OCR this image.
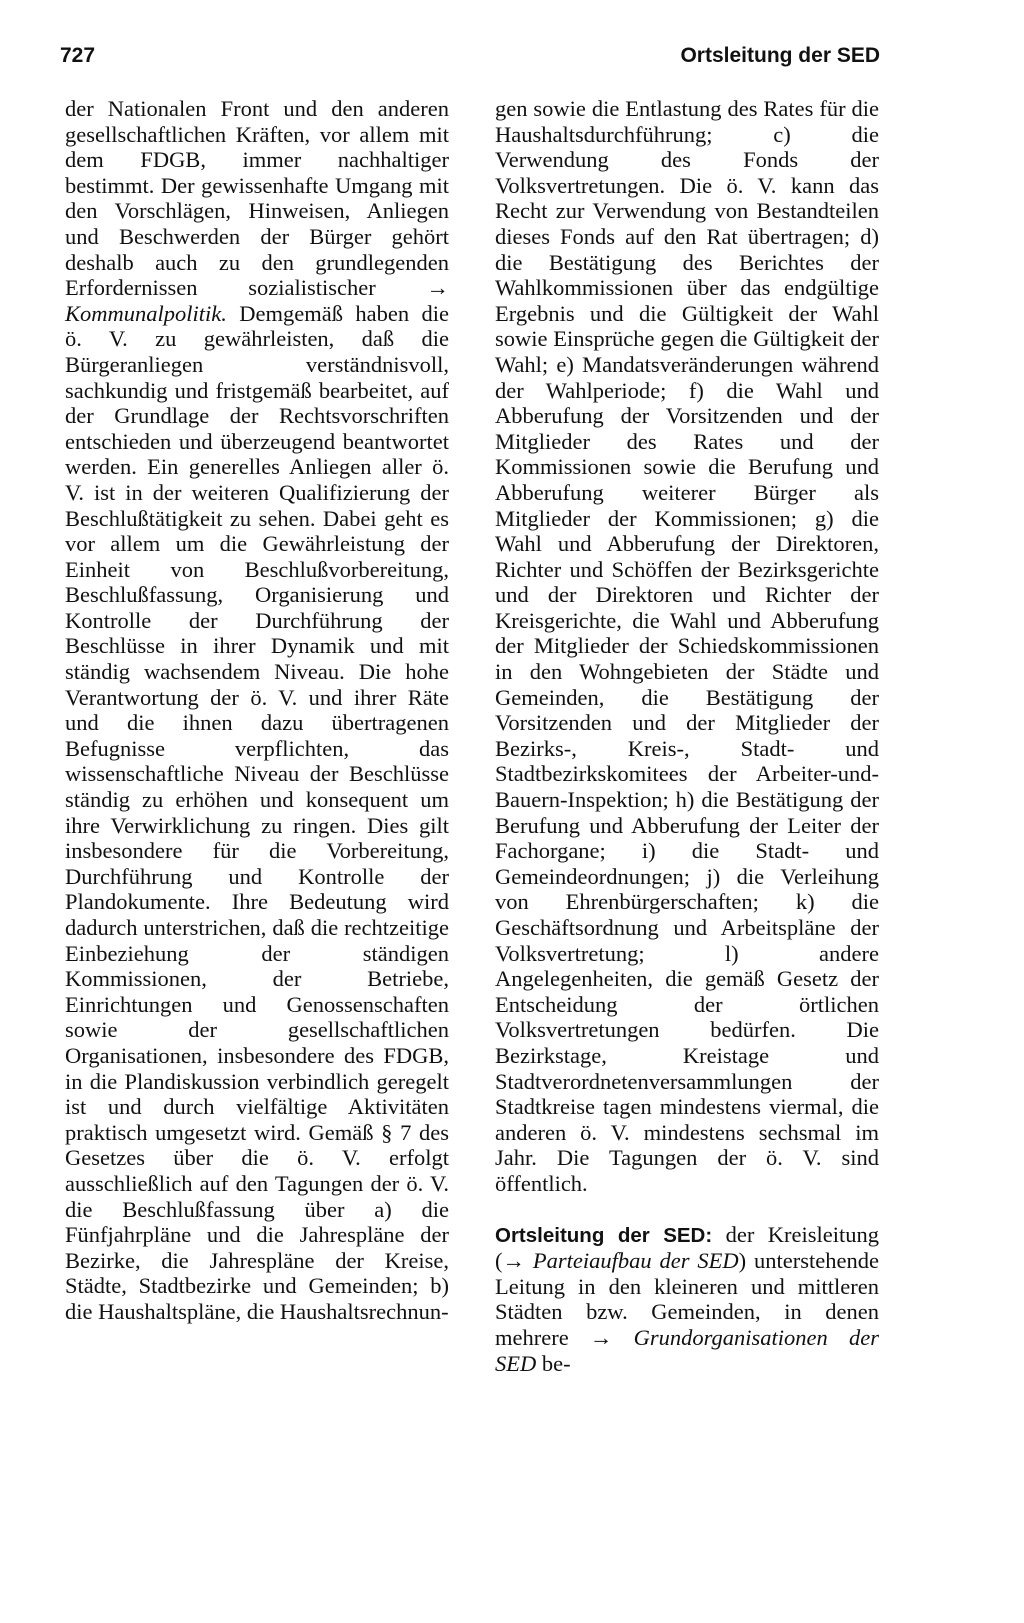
727	Ortsleitung der SED

der Nationalen Front und den anderen gesellschaftlichen Kräften, vor allem mit dem FDGB, immer nachhaltiger bestimmt. Der gewissenhafte Umgang mit den Vorschlägen, Hinweisen, Anliegen und Beschwerden der Bürger gehört deshalb auch zu den grundlegenden Erfordernissen sozialistischer → Kommunalpolitik. Demgemäß haben die ö. V. zu gewährleisten, daß die Bürgeranliegen verständnisvoll, sachkundig und fristgemäß bearbeitet, auf der Grundlage der Rechtsvorschriften entschieden und überzeugend beantwortet werden. Ein generelles Anliegen aller ö. V. ist in der weiteren Qualifizierung der Beschlußtätigkeit zu sehen. Dabei geht es vor allem um die Gewährleistung der Einheit von Beschlußvorbereitung, Beschlußfassung, Organisierung und Kontrolle der Durchführung der Beschlüsse in ihrer Dynamik und mit ständig wachsendem Niveau. Die hohe Verantwortung der ö. V. und ihrer Räte und die ihnen dazu übertragenen Befugnisse verpflichten, das wissenschaftliche Niveau der Beschlüsse ständig zu erhöhen und konsequent um ihre Verwirklichung zu ringen. Dies gilt insbesondere für die Vorbereitung, Durchführung und Kontrolle der Plandokumente. Ihre Bedeutung wird dadurch unterstrichen, daß die rechtzeitige Einbeziehung der ständigen Kommissionen, der Betriebe, Einrichtungen und Genossenschaften sowie der gesellschaftlichen Organisationen, insbesondere des FDGB, in die Plandiskussion verbindlich geregelt ist und durch vielfältige Aktivitäten praktisch umgesetzt wird. Gemäß § 7 des Gesetzes über die ö. V. erfolgt ausschließlich auf den Tagungen der ö. V. die Beschlußfassung über a) die Fünfjahrpläne und die Jahrespläne der Bezirke, die Jahrespläne der Kreise, Städte, Stadtbezirke und Gemeinden; b) die Haushaltspläne, die Haushaltsrechnun-

gen sowie die Entlastung des Rates für die Haushaltsdurchführung; c) die Verwendung des Fonds der Volksvertretungen. Die ö. V. kann das Recht zur Verwendung von Bestandteilen dieses Fonds auf den Rat übertragen; d) die Bestätigung des Berichtes der Wahlkommissionen über das endgültige Ergebnis und die Gültigkeit der Wahl sowie Einsprüche gegen die Gültigkeit der Wahl; e) Mandatsveränderungen während der Wahlperiode; f) die Wahl und Abberufung der Vorsitzenden und der Mitglieder des Rates und der Kommissionen sowie die Berufung und Abberufung weiterer Bürger als Mitglieder der Kommissionen; g) die Wahl und Abberufung der Direktoren, Richter und Schöffen der Bezirksgerichte und der Direktoren und Richter der Kreisgerichte, die Wahl und Abberufung der Mitglieder der Schiedskommissionen in den Wohngebieten der Städte und Gemeinden, die Bestätigung der Vorsitzenden und der Mitglieder der Bezirks-, Kreis-, Stadt- und Stadtbezirkskomitees der Arbeiter-und-Bauern-Inspektion; h) die Bestätigung der Berufung und Abberufung der Leiter der Fachorgane; i) die Stadt- und Gemeindeordnungen; j) die Verleihung von Ehrenbürgerschaften; k) die Geschäftsordnung und Arbeitspläne der Volksvertretung; l) andere Angelegenheiten, die gemäß Gesetz der Entscheidung der örtlichen Volksvertretungen bedürfen. Die Bezirkstage, Kreistage und Stadtverordnetenversammlungen der Stadtkreise tagen mindestens viermal, die anderen ö. V. mindestens sechsmal im Jahr. Die Tagungen der ö. V. sind öffentlich.

Ortsleitung der SED: der Kreisleitung (→ Parteiaufbau der SED) unterstehende Leitung in den kleineren und mittleren Städten bzw. Gemeinden, in denen mehrere → Grundorganisationen der SED be-
